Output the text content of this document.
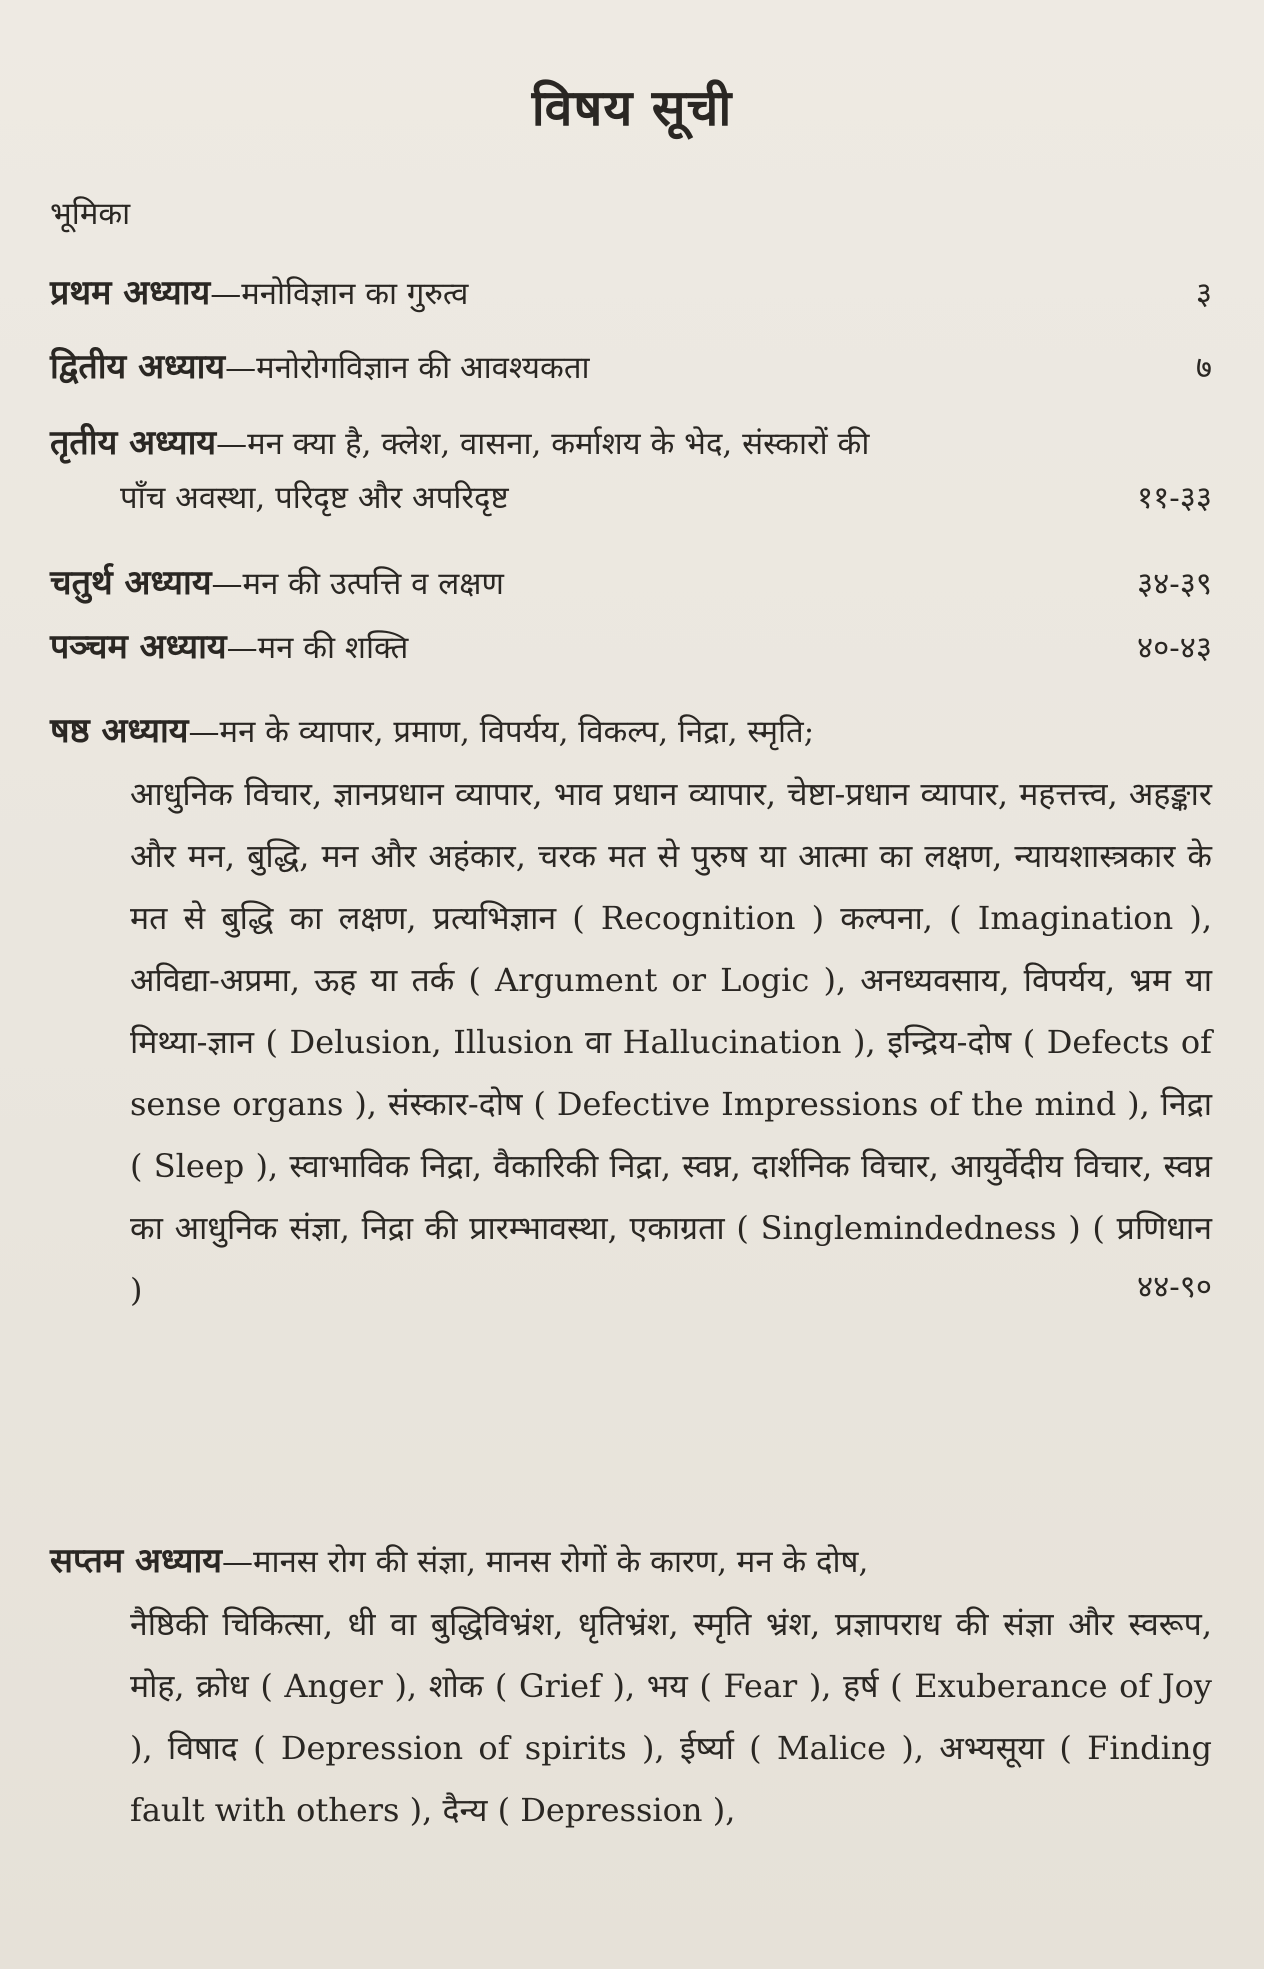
विषय सूची
भूमिका
प्रथम अध्याय—मनोविज्ञान का गुरुत्व	३
द्वितीय अध्याय—मनोरोगविज्ञान की आवश्यकता	७
तृतीय अध्याय—मन क्या है, क्लेश, वासना, कर्माशय के भेद, संस्कारों की
पाँच अवस्था, परिदृष्ट और अपरिदृष्ट	११-३३
चतुर्थ अध्याय—मन की उत्पत्ति व लक्षण	३४-३९
पञ्चम अध्याय—मन की शक्ति	४०-४३
षष्ठ अध्याय—मन के व्यापार, प्रमाण, विपर्यय, विकल्प, निद्रा, स्मृति;
आधुनिक विचार, ज्ञानप्रधान व्यापार, भाव प्रधान व्यापार, चेष्टा-प्रधान व्यापार, महत्तत्त्व, अहङ्कार और मन, बुद्धि, मन और अहंकार, चरक मत से पुरुष या आत्मा का लक्षण, न्यायशास्त्रकार के मत से बुद्धि का लक्षण, प्रत्यभिज्ञान ( Recognition ) कल्पना, ( Imagination ), अविद्या-अप्रमा, ऊह या तर्क ( Argument or Logic ), अनध्यवसाय, विपर्यय, भ्रम या मिथ्या-ज्ञान ( Delusion, Illusion वा Hallucination ), इन्द्रिय-दोष ( Defects of sense organs ), संस्कार-दोष ( Defective Impressions of the mind ), निद्रा ( Sleep ), स्वाभाविक निद्रा, वैकारिकी निद्रा, स्वप्न, दार्शनिक विचार, आयुर्वेदीय विचार, स्वप्न का आधुनिक संज्ञा, निद्रा की प्रारम्भावस्था, एकाग्रता ( Singlemindedness ) ( प्रणिधान )	४४-९०
सप्तम अध्याय—मानस रोग की संज्ञा, मानस रोगों के कारण, मन के दोष,
नैष्ठिकी चिकित्सा, धी वा बुद्धिविभ्रंश, धृतिभ्रंश, स्मृति भ्रंश, प्रज्ञापराध की संज्ञा और स्वरूप, मोह, क्रोध ( Anger ), शोक ( Grief ), भय ( Fear ), हर्ष ( Exuberance of Joy ), विषाद ( Depression of spirits ), ईर्ष्या ( Malice ), अभ्यसूया ( Finding fault with others ), दैन्य ( Depression ),
